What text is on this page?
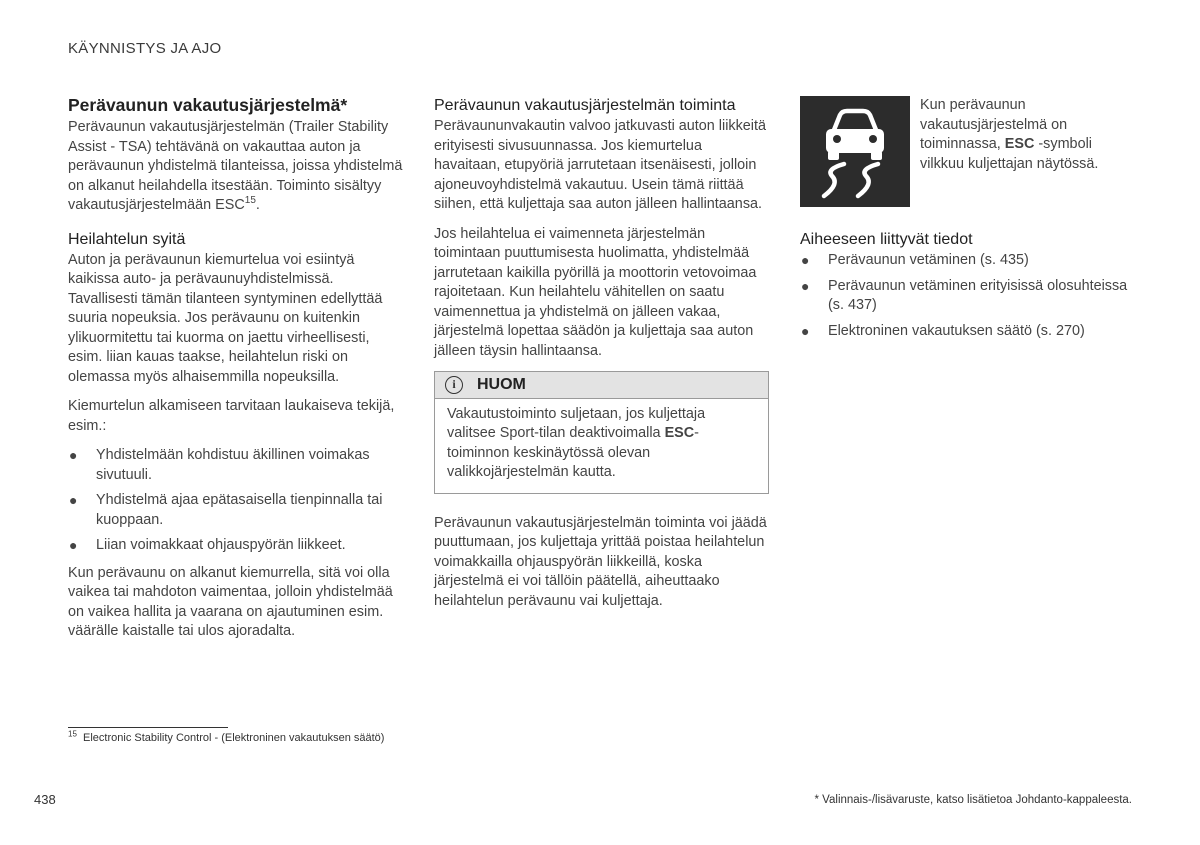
KÄYNNISTYS JA AJO
Perävaunun vakautusjärjestelmä*

Perävaunun vakautusjärjestelmän (Trailer Stability Assist - TSA) tehtävänä on vakauttaa auton ja perävaunun yhdistelmä tilanteissa, joissa yhdistelmä on alkanut heilahdella itsestään. Toiminto sisältyy vakautusjärjestelmään ESC$^{15}$.

Heilahtelun syitä

Auton ja perävaunun kiemurtelua voi esiintyä kaikissa auto- ja perävaunuyhdistelmissä. Tavallisesti tämän tilanteen syntyminen edellyttää suuria nopeuksia. Jos perävaunu on kuitenkin ylikuormitettu tai kuorma on jaettu virheellisesti, esim. liian kauas taakse, heilahtelun riski on olemassa myös alhaisemmilla nopeuksilla.

Kiemurtelun alkamiseen tarvitaan laukaiseva tekijä, esim.:

● Yhdistelmään kohdistuu äkillinen voimakas sivutuuli.
● Yhdistelmä ajaa epätasaisella tienpinnalla tai kuoppaan.
● Liian voimakkaat ohjauspyörän liikkeet.

Kun perävaunu on alkanut kiemurrella, sitä voi olla vaikea tai mahdoton vaimentaa, jolloin yhdistelmää on vaikea hallita ja vaarana on ajautuminen esim. väärälle kaistalle tai ulos ajoradalta.

Perävaunun vakautusjärjestelmän toiminta

Perävaununvakautin valvoo jatkuvasti auton liikkeitä erityisesti sivusuunnassa. Jos kiemurtelua havaitaan, etupyöriä jarrutetaan itsenäisesti, jolloin ajoneuvoyhdistelmä vakautuu. Usein tämä riittää siihen, että kuljettaja saa auton jälleen hallintaansa.

Jos heilahtelua ei vaimenneta järjestelmän toimintaan puuttumisesta huolimatta, yhdistelmää jarrutetaan kaikilla pyörillä ja moottorin vetovoimaa rajoitetaan. Kun heilahtelu vähitellen on saatu vaimennettua ja yhdistelmä on jälleen vakaa, järjestelmä lopettaa säädön ja kuljettaja saa auton jälleen täysin hallintaansa.

i	HUOM
Vakautustoiminto suljetaan, jos kuljettaja valitsee Sport-tilan deaktivoimalla ESC-toiminnon keskinäytössä olevan valikkojärjestelmän kautta.

Perävaunun vakautusjärjestelmän toiminta voi jäädä puuttumaan, jos kuljettaja yrittää poistaa heilahtelun voimakkailla ohjauspyörän liikkeillä, koska järjestelmä ei voi tällöin päätellä, aiheuttaako heilahtelun perävaunu vai kuljettaja.

Kun perävaunun vakautusjärjestelmä on toiminnassa, ESC -symboli vilkkuu kuljettajan näytössä.
Aiheeseen liittyvät tiedot
● Perävaunun vetäminen (s. 435)
● Perävaunun vetäminen erityisissä olosuhteissa (s. 437)
● Elektroninen vakautuksen säätö (s. 270)
$^{15}$ Electronic Stability Control - (Elektroninen vakautuksen säätö)
438	* Valinnais-/lisävaruste, katso lisätietoa Johdanto-kappaleesta.
